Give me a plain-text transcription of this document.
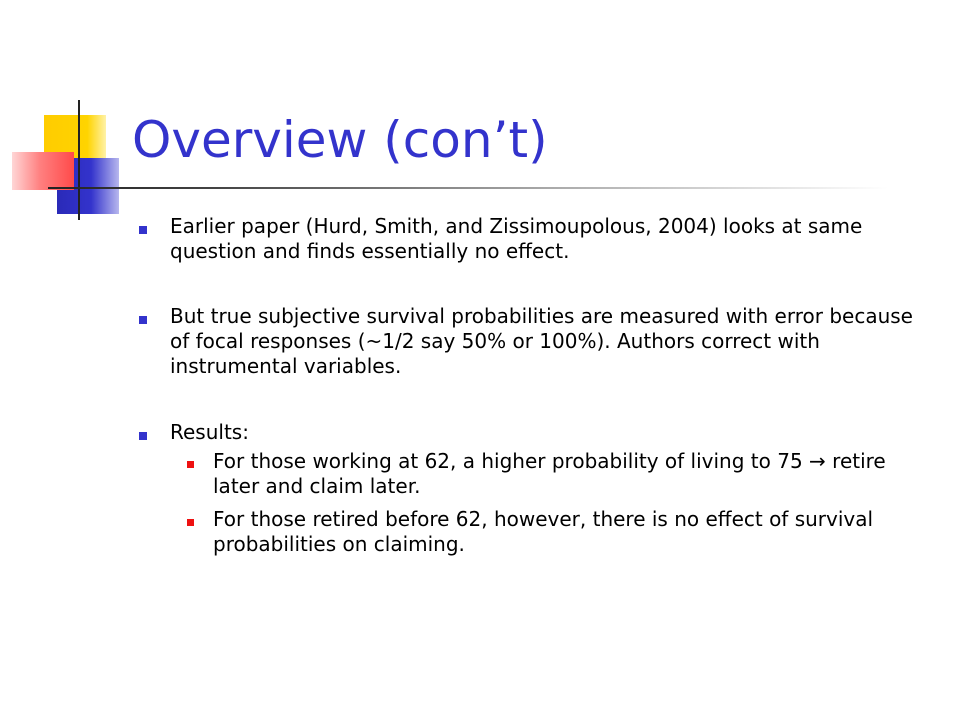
Overview (con’t)
Earlier paper (Hurd, Smith, and Zissimoupolous, 2004) looks at same question and finds essentially no effect.
But true subjective survival probabilities are measured with error because of focal responses (~1/2 say 50% or 100%). Authors correct with instrumental variables.
Results:
For those working at 62, a higher probability of living to 75 → retire later and claim later.
For those retired before 62, however, there is no effect of survival probabilities on claiming.
